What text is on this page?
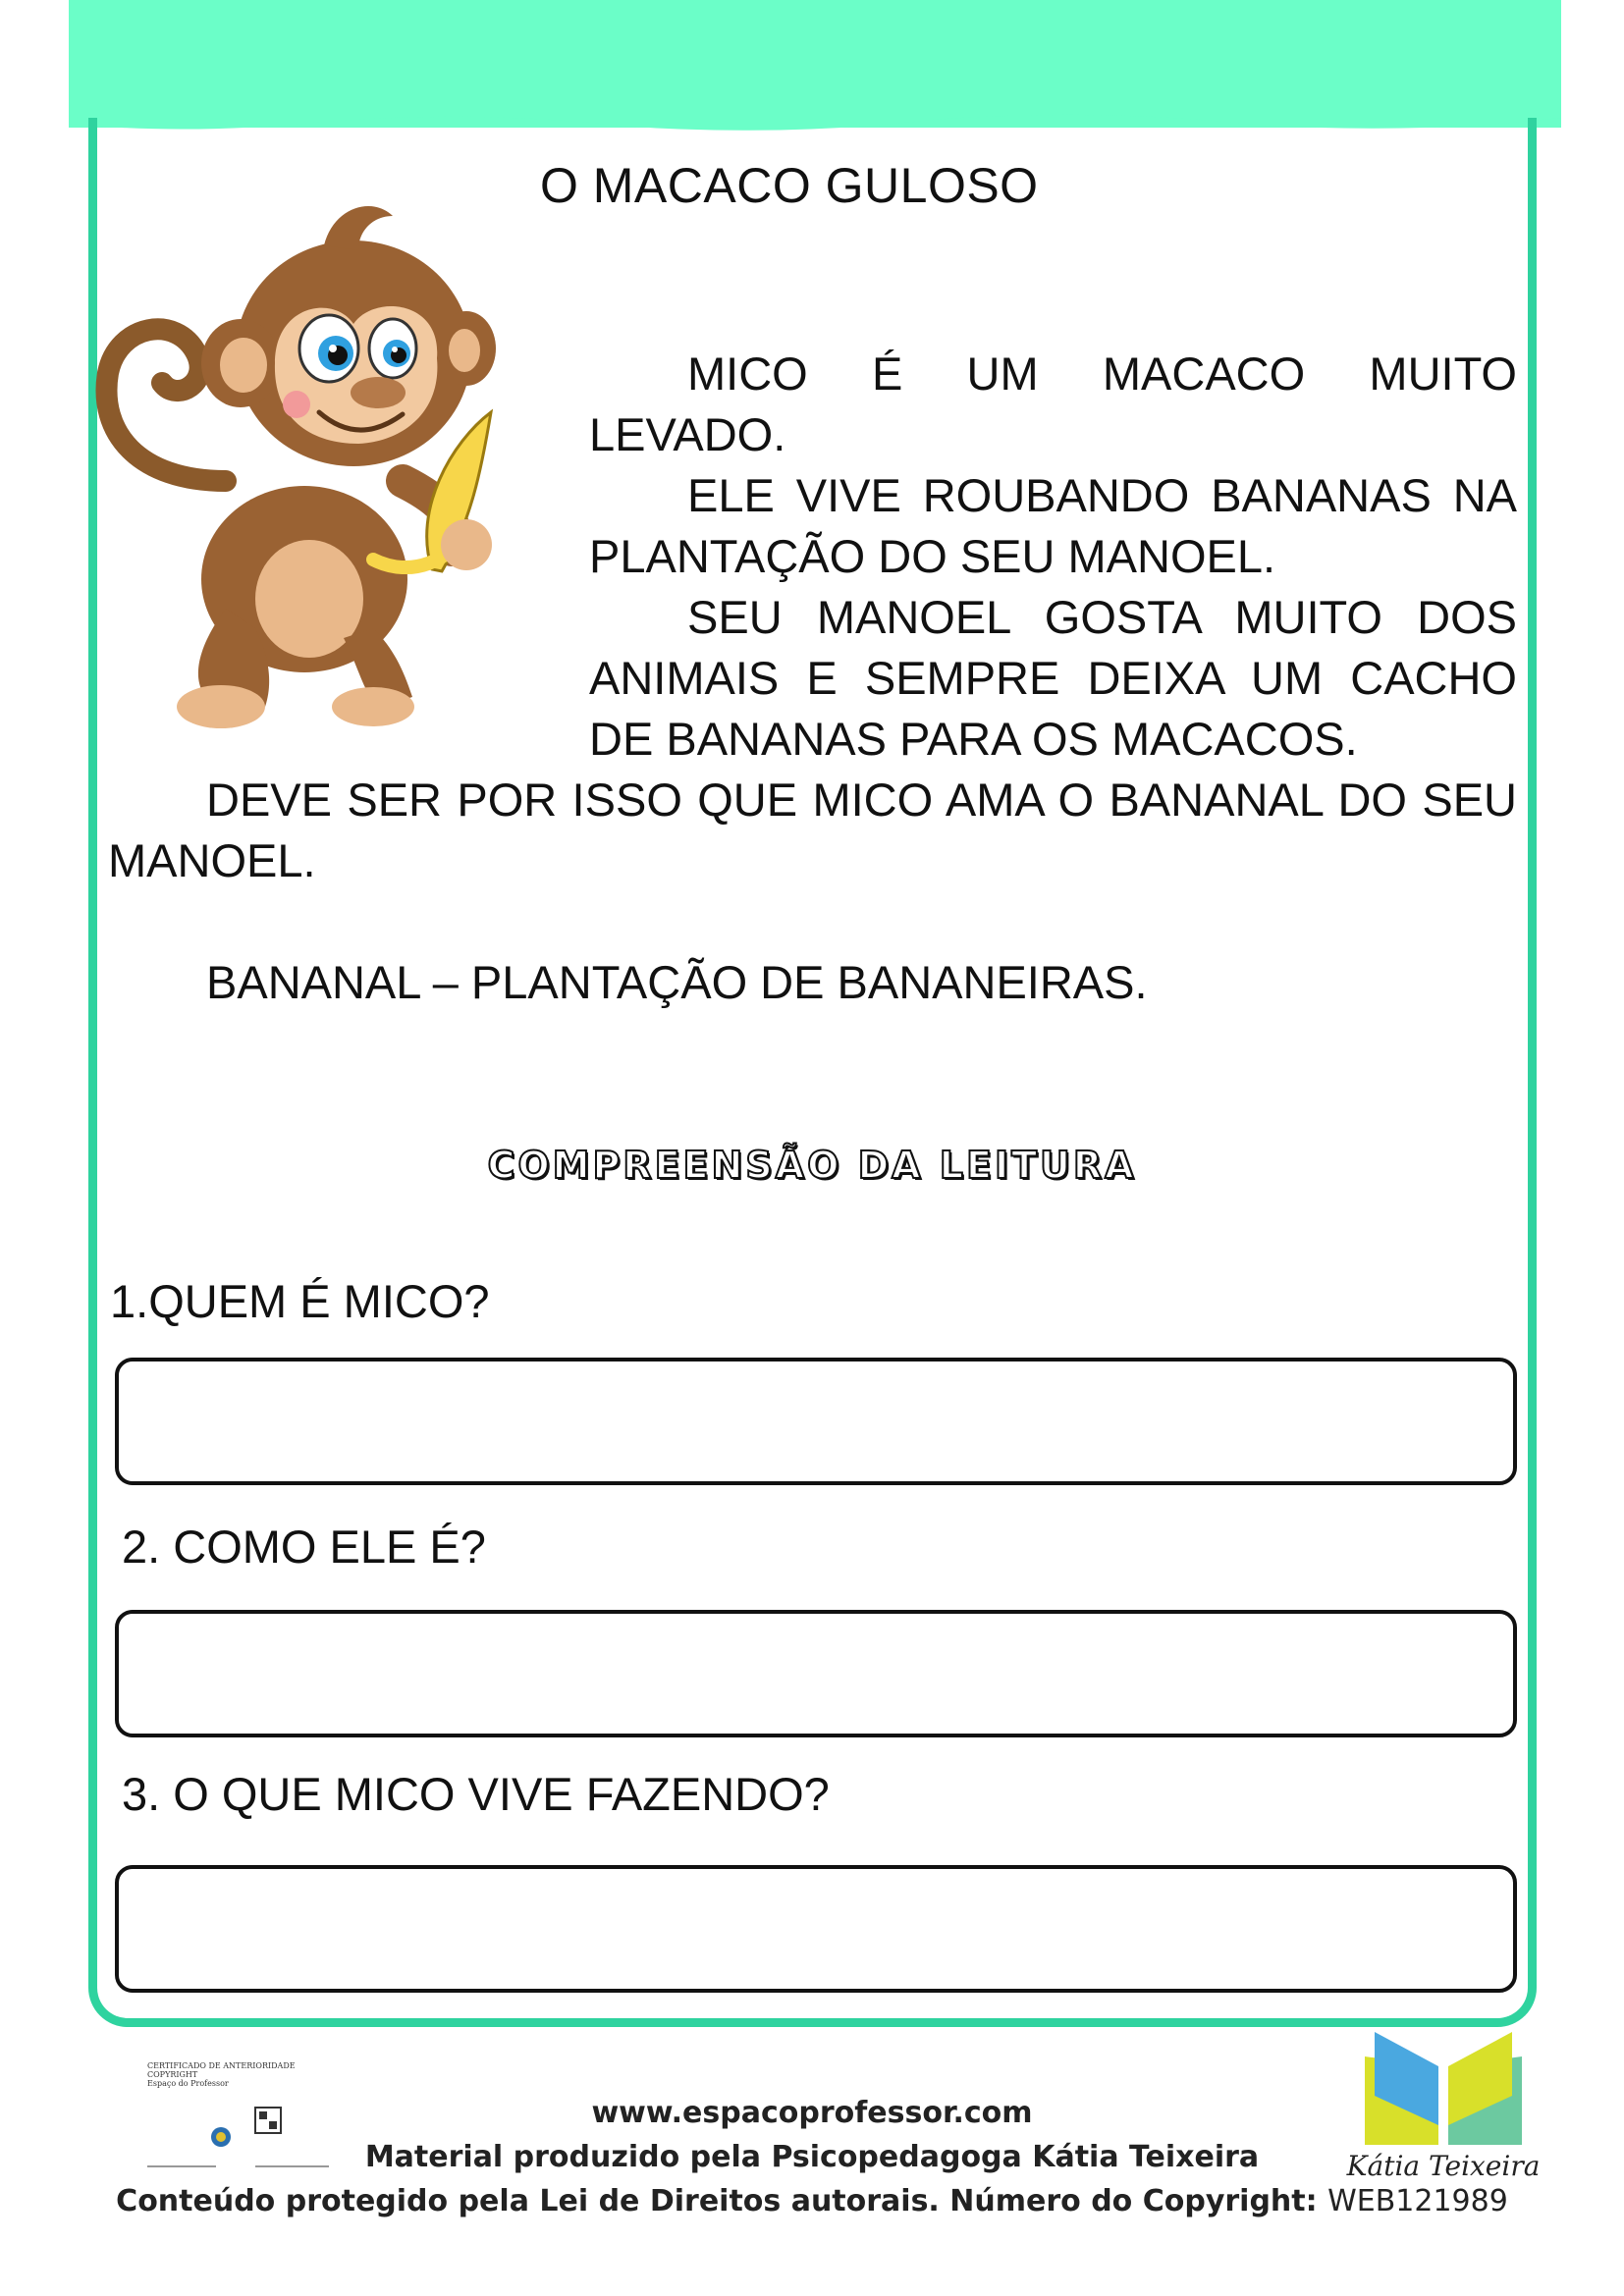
O MACACO GULOSO
MICO É UM MACACO MUITO LEVADO.
ELE VIVE ROUBANDO BANANAS NA PLANTAÇÃO DO SEU MANOEL.
SEU MANOEL GOSTA MUITO DOS ANIMAIS E SEMPRE DEIXA UM CACHO DE BANANAS PARA OS MACACOS.
DEVE SER POR ISSO QUE MICO AMA O BANANAL DO SEU MANOEL.
BANANAL – PLANTAÇÃO DE BANANEIRAS.
COMPREENSÃO DA LEITURA
1.QUEM É MICO?
2. COMO ELE É?
3. O QUE MICO VIVE FAZENDO?
CERTIFICADO DE ANTERIORIDADE COPYRIGHT
Espaço do Professor
www.espacoprofessor.com
Material produzido pela Psicopedagoga Kátia Teixeira
Conteúdo protegido pela Lei de Direitos autorais. Número do Copyright: WEB121989
Kátia Teixeira
